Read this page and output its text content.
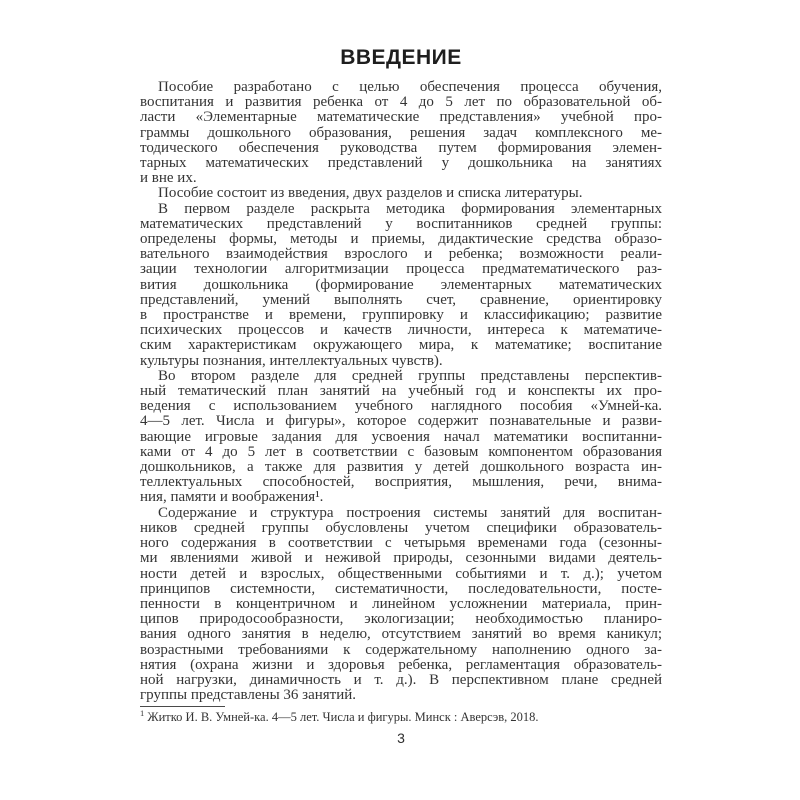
ВВЕДЕНИЕ
Пособие разработано с целью обеспечения процесса обучения,
воспитания и развития ребенка от 4 до 5 лет по образовательной об-
ласти «Элементарные математические представления» учебной про-
граммы дошкольного образования, решения задач комплексного ме-
тодического обеспечения руководства путем формирования элемен-
тарных математических представлений у дошкольника на занятиях
и вне их.
Пособие состоит из введения, двух разделов и списка литературы.
В первом разделе раскрыта методика формирования элементарных
математических представлений у воспитанников средней группы:
определены формы, методы и приемы, дидактические средства образо-
вательного взаимодействия взрослого и ребенка; возможности реали-
зации технологии алгоритмизации процесса предматематического раз-
вития дошкольника (формирование элементарных математических
представлений, умений выполнять счет, сравнение, ориентировку
в пространстве и времени, группировку и классификацию; развитие
психических процессов и качеств личности, интереса к математиче-
ским характеристикам окружающего мира, к математике; воспитание
культуры познания, интеллектуальных чувств).
Во втором разделе для средней группы представлены перспектив-
ный тематический план занятий на учебный год и конспекты их про-
ведения с использованием учебного наглядного пособия «Умней-ка.
4—5 лет. Числа и фигуры», которое содержит познавательные и разви-
вающие игровые задания для усвоения начал математики воспитанни-
ками от 4 до 5 лет в соответствии с базовым компонентом образования
дошкольников, а также для развития у детей дошкольного возраста ин-
теллектуальных способностей, восприятия, мышления, речи, внима-
ния, памяти и воображения¹.
Содержание и структура построения системы занятий для воспитан-
ников средней группы обусловлены учетом специфики образователь-
ного содержания в соответствии с четырьмя временами года (сезонны-
ми явлениями живой и неживой природы, сезонными видами деятель-
ности детей и взрослых, общественными событиями и т. д.); учетом
принципов системности, систематичности, последовательности, посте-
пенности в концентричном и линейном усложнении материала, прин-
ципов природосообразности, экологизации; необходимостью планиро-
вания одного занятия в неделю, отсутствием занятий во время каникул;
возрастными требованиями к содержательному наполнению одного за-
нятия (охрана жизни и здоровья ребенка, регламентация образователь-
ной нагрузки, динамичность и т. д.). В перспективном плане средней
группы представлены 36 занятий.
$^1$ Житко И. В. Умней-ка. 4—5 лет. Числа и фигуры. Минск : Аверсэв, 2018.
3
